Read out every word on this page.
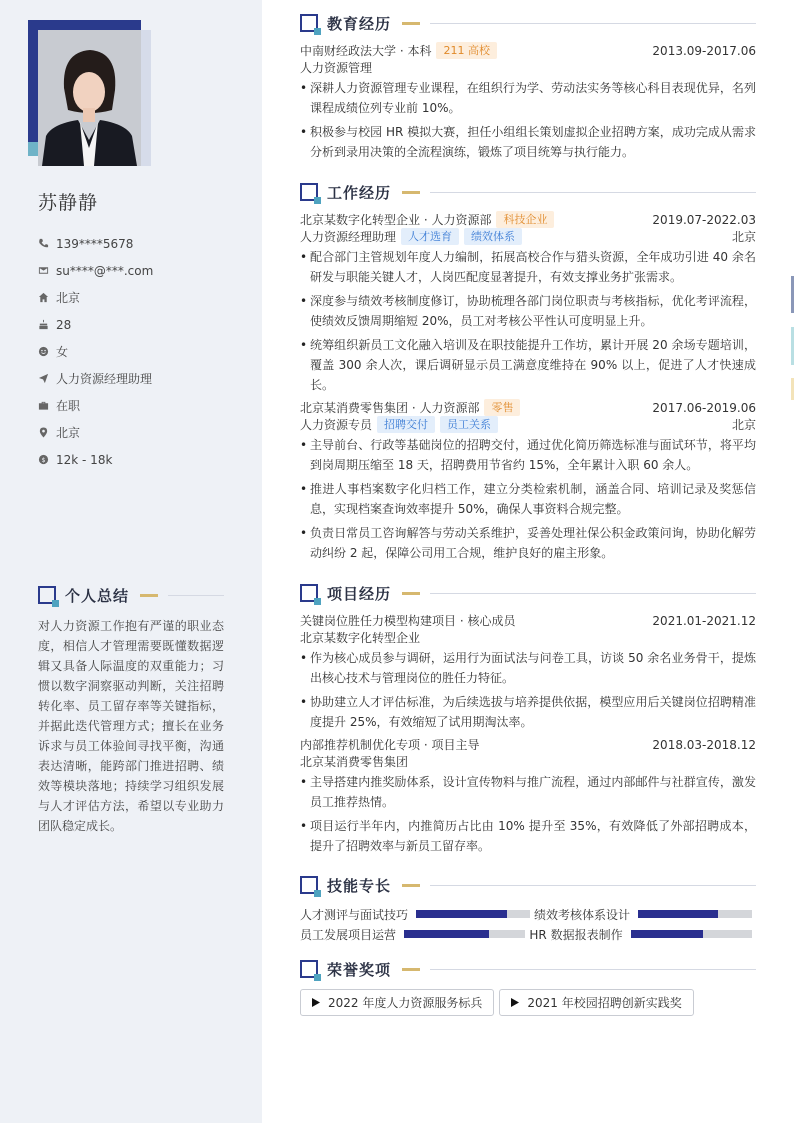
苏静静
139****5678
su****@***.com
北京
28
女
人力资源经理助理
在职
北京
$ 12k - 18k
个人总结

对人力资源工作抱有严谨的职业态度，相信人才管理需要既懂数据逻辑又具备人际温度的双重能力；习惯以数字洞察驱动判断，关注招聘转化率、员工留存率等关键指标，并据此迭代管理方式；擅长在业务诉求与员工体验间寻找平衡，沟通表达清晰，能跨部门推进招聘、绩效等模块落地；持续学习组织发展与人才评估方法，希望以专业助力团队稳定成长。

教育经历
中南财经政法大学 · 本科	211 高校	2013.09-2017.06
人力资源管理
• 深耕人力资源管理专业课程，在组织行为学、劳动法实务等核心科目表现优异，名列课程成绩位列专业前 10%。
• 积极参与校园 HR 模拟大赛，担任小组组长策划虚拟企业招聘方案，成功完成从需求分析到录用决策的全流程演练，锻炼了项目统筹与执行能力。
工作经历
北京某数字化转型企业 · 人力资源部	科技企业	2019.07-2022.03
人力资源经理助理	人才选育	绩效体系	北京
• 配合部门主管规划年度人力编制，拓展高校合作与猎头资源，全年成功引进 40 余名研发与职能关键人才，人岗匹配度显著提升，有效支撑业务扩张需求。
• 深度参与绩效考核制度修订，协助梳理各部门岗位职责与考核指标，优化考评流程，使绩效反馈周期缩短 20%，员工对考核公平性认可度明显上升。
• 统筹组织新员工文化融入培训及在职技能提升工作坊，累计开展 20 余场专题培训，覆盖 300 余人次，课后调研显示员工满意度维持在 90% 以上，促进了人才快速成长。
北京某消费零售集团 · 人力资源部	零售	2017.06-2019.06
人力资源专员	招聘交付	员工关系	北京
• 主导前台、行政等基础岗位的招聘交付，通过优化简历筛选标准与面试环节，将平均到岗周期压缩至 18 天，招聘费用节省约 15%，全年累计入职 60 余人。
• 推进人事档案数字化归档工作，建立分类检索机制，涵盖合同、培训记录及奖惩信息，实现档案查询效率提升 50%，确保人事资料合规完整。
• 负责日常员工咨询解答与劳动关系维护，妥善处理社保公积金政策问询，协助化解劳动纠纷 2 起，保障公司用工合规，维护良好的雇主形象。
项目经历
关键岗位胜任力模型构建项目 · 核心成员	2021.01-2021.12
北京某数字化转型企业
• 作为核心成员参与调研，运用行为面试法与问卷工具，访谈 50 余名业务骨干，提炼出核心技术与管理岗位的胜任力特征。
• 协助建立人才评估标准，为后续选拔与培养提供依据，模型应用后关键岗位招聘精准度提升 25%，有效缩短了试用期淘汰率。
内部推荐机制优化专项 · 项目主导	2018.03-2018.12
北京某消费零售集团
• 主导搭建内推奖励体系，设计宣传物料与推广流程，通过内部邮件与社群宣传，激发员工推荐热情。
• 项目运行半年内，内推简历占比由 10% 提升至 35%，有效降低了外部招聘成本，提升了招聘效率与新员工留存率。
技能专长
人才测评与面试技巧	绩效考核体系设计
员工发展项目运营	HR 数据报表制作
荣誉奖项
2022 年度人力资源服务标兵	2021 年校园招聘创新实践奖
